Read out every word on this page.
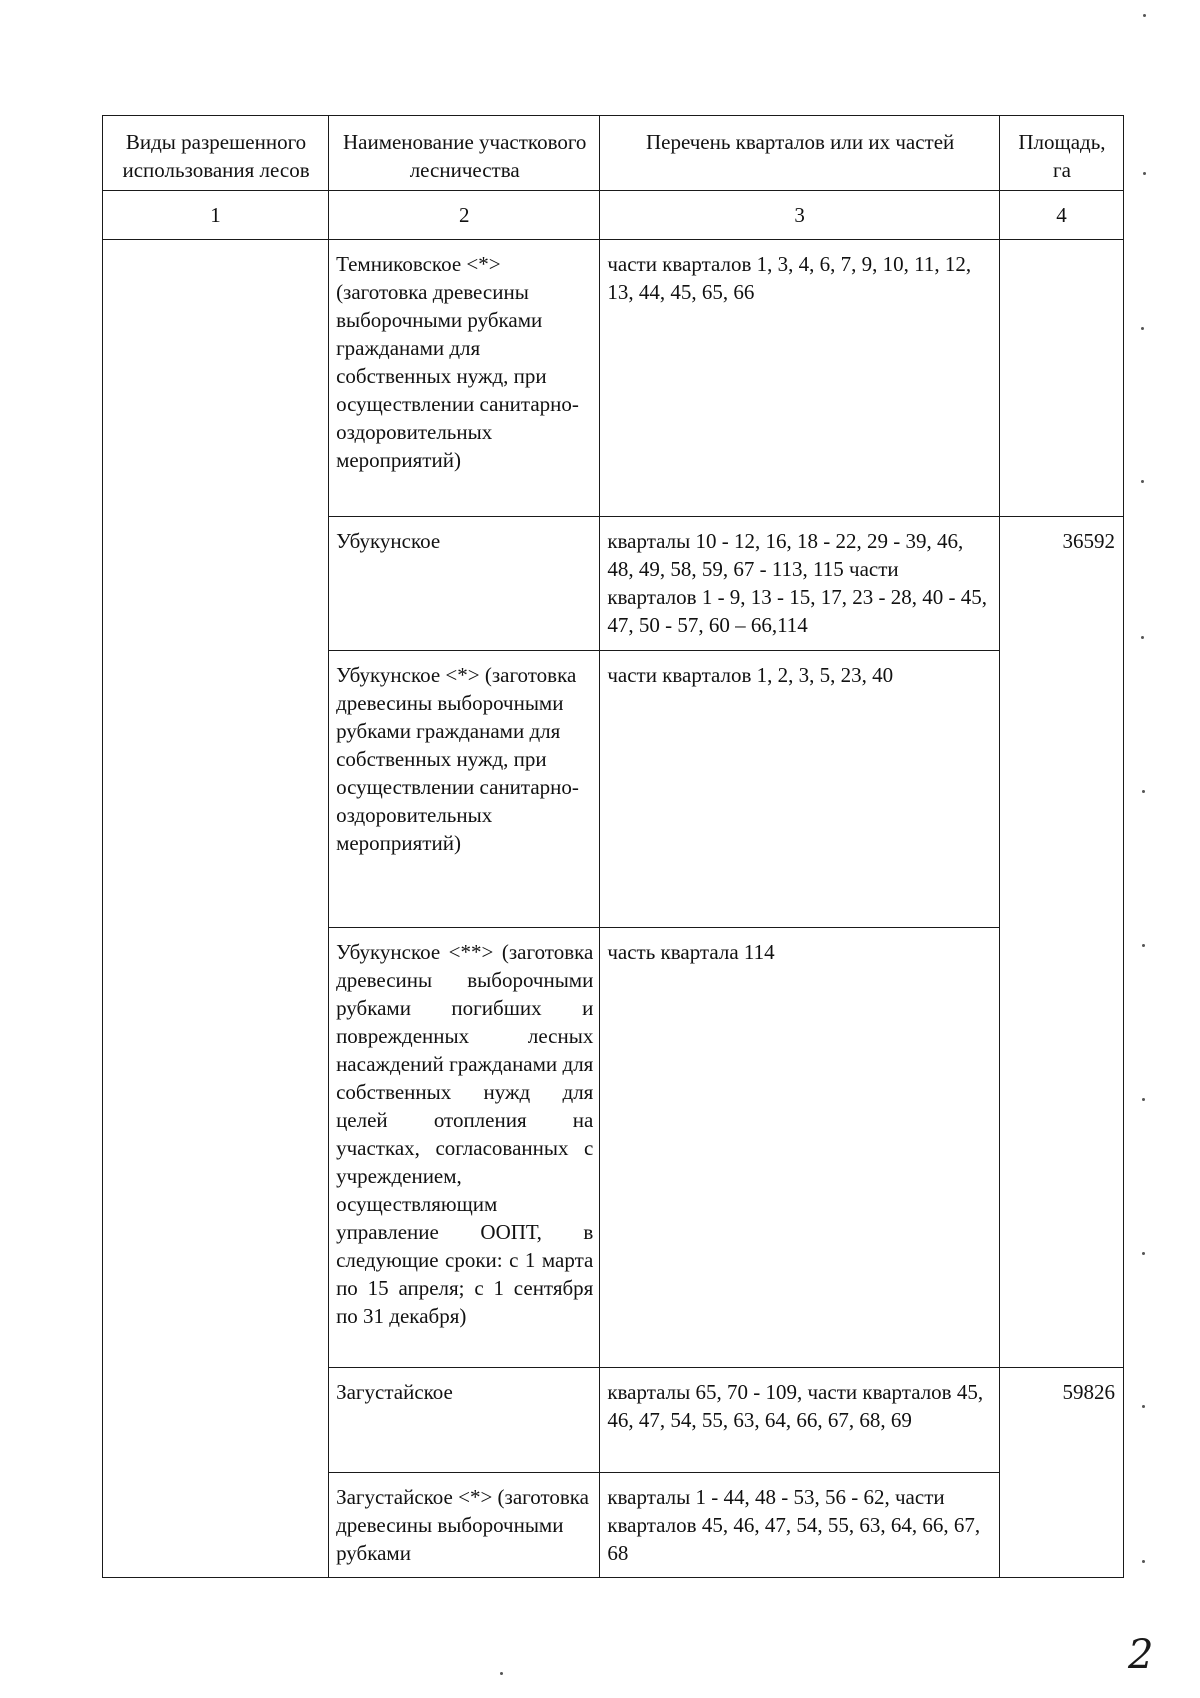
Виды разрешенного использования лесов	Наименование участкового лесничества	Перечень кварталов или их частей	Площадь, га
1	2	3	4
	Темниковское <*> (заготовка древесины выборочными рубками гражданами для собственных нужд, при осуществлении санитарно-оздоровительных мероприятий)	части кварталов 1, 3, 4, 6, 7, 9, 10, 11, 12, 13, 44, 45, 65, 66	
	Убукунское	кварталы 10 - 12, 16, 18 - 22, 29 - 39, 46, 48, 49, 58, 59, 67 - 113, 115 части кварталов 1 - 9, 13 - 15, 17, 23 - 28, 40 - 45, 47, 50 - 57, 60 – 66,114	36592
	Убукунское <*> (заготовка древесины выборочными рубками гражданами для собственных нужд, при осуществлении санитарно-оздоровительных мероприятий)	части кварталов 1, 2, 3, 5, 23, 40	
	Убукунское <**> (заготовка древесины выборочными рубками погибших и поврежденных лесных насаждений гражданами для собственных нужд для целей отопления на участках, согласованных с учреждением, осуществляющим управление ООПТ, в следующие сроки: с 1 марта по 15 апреля; с 1 сентября по 31 декабря)	часть квартала 114	
	Загустайское	кварталы 65, 70 - 109, части кварталов 45, 46, 47, 54, 55, 63, 64, 66, 67, 68, 69	59826
	Загустайское <*> (заготовка древесины выборочными рубками	кварталы 1 - 44, 48 - 53, 56 - 62, части кварталов 45, 46, 47, 54, 55, 63, 64, 66, 67, 68	
2
